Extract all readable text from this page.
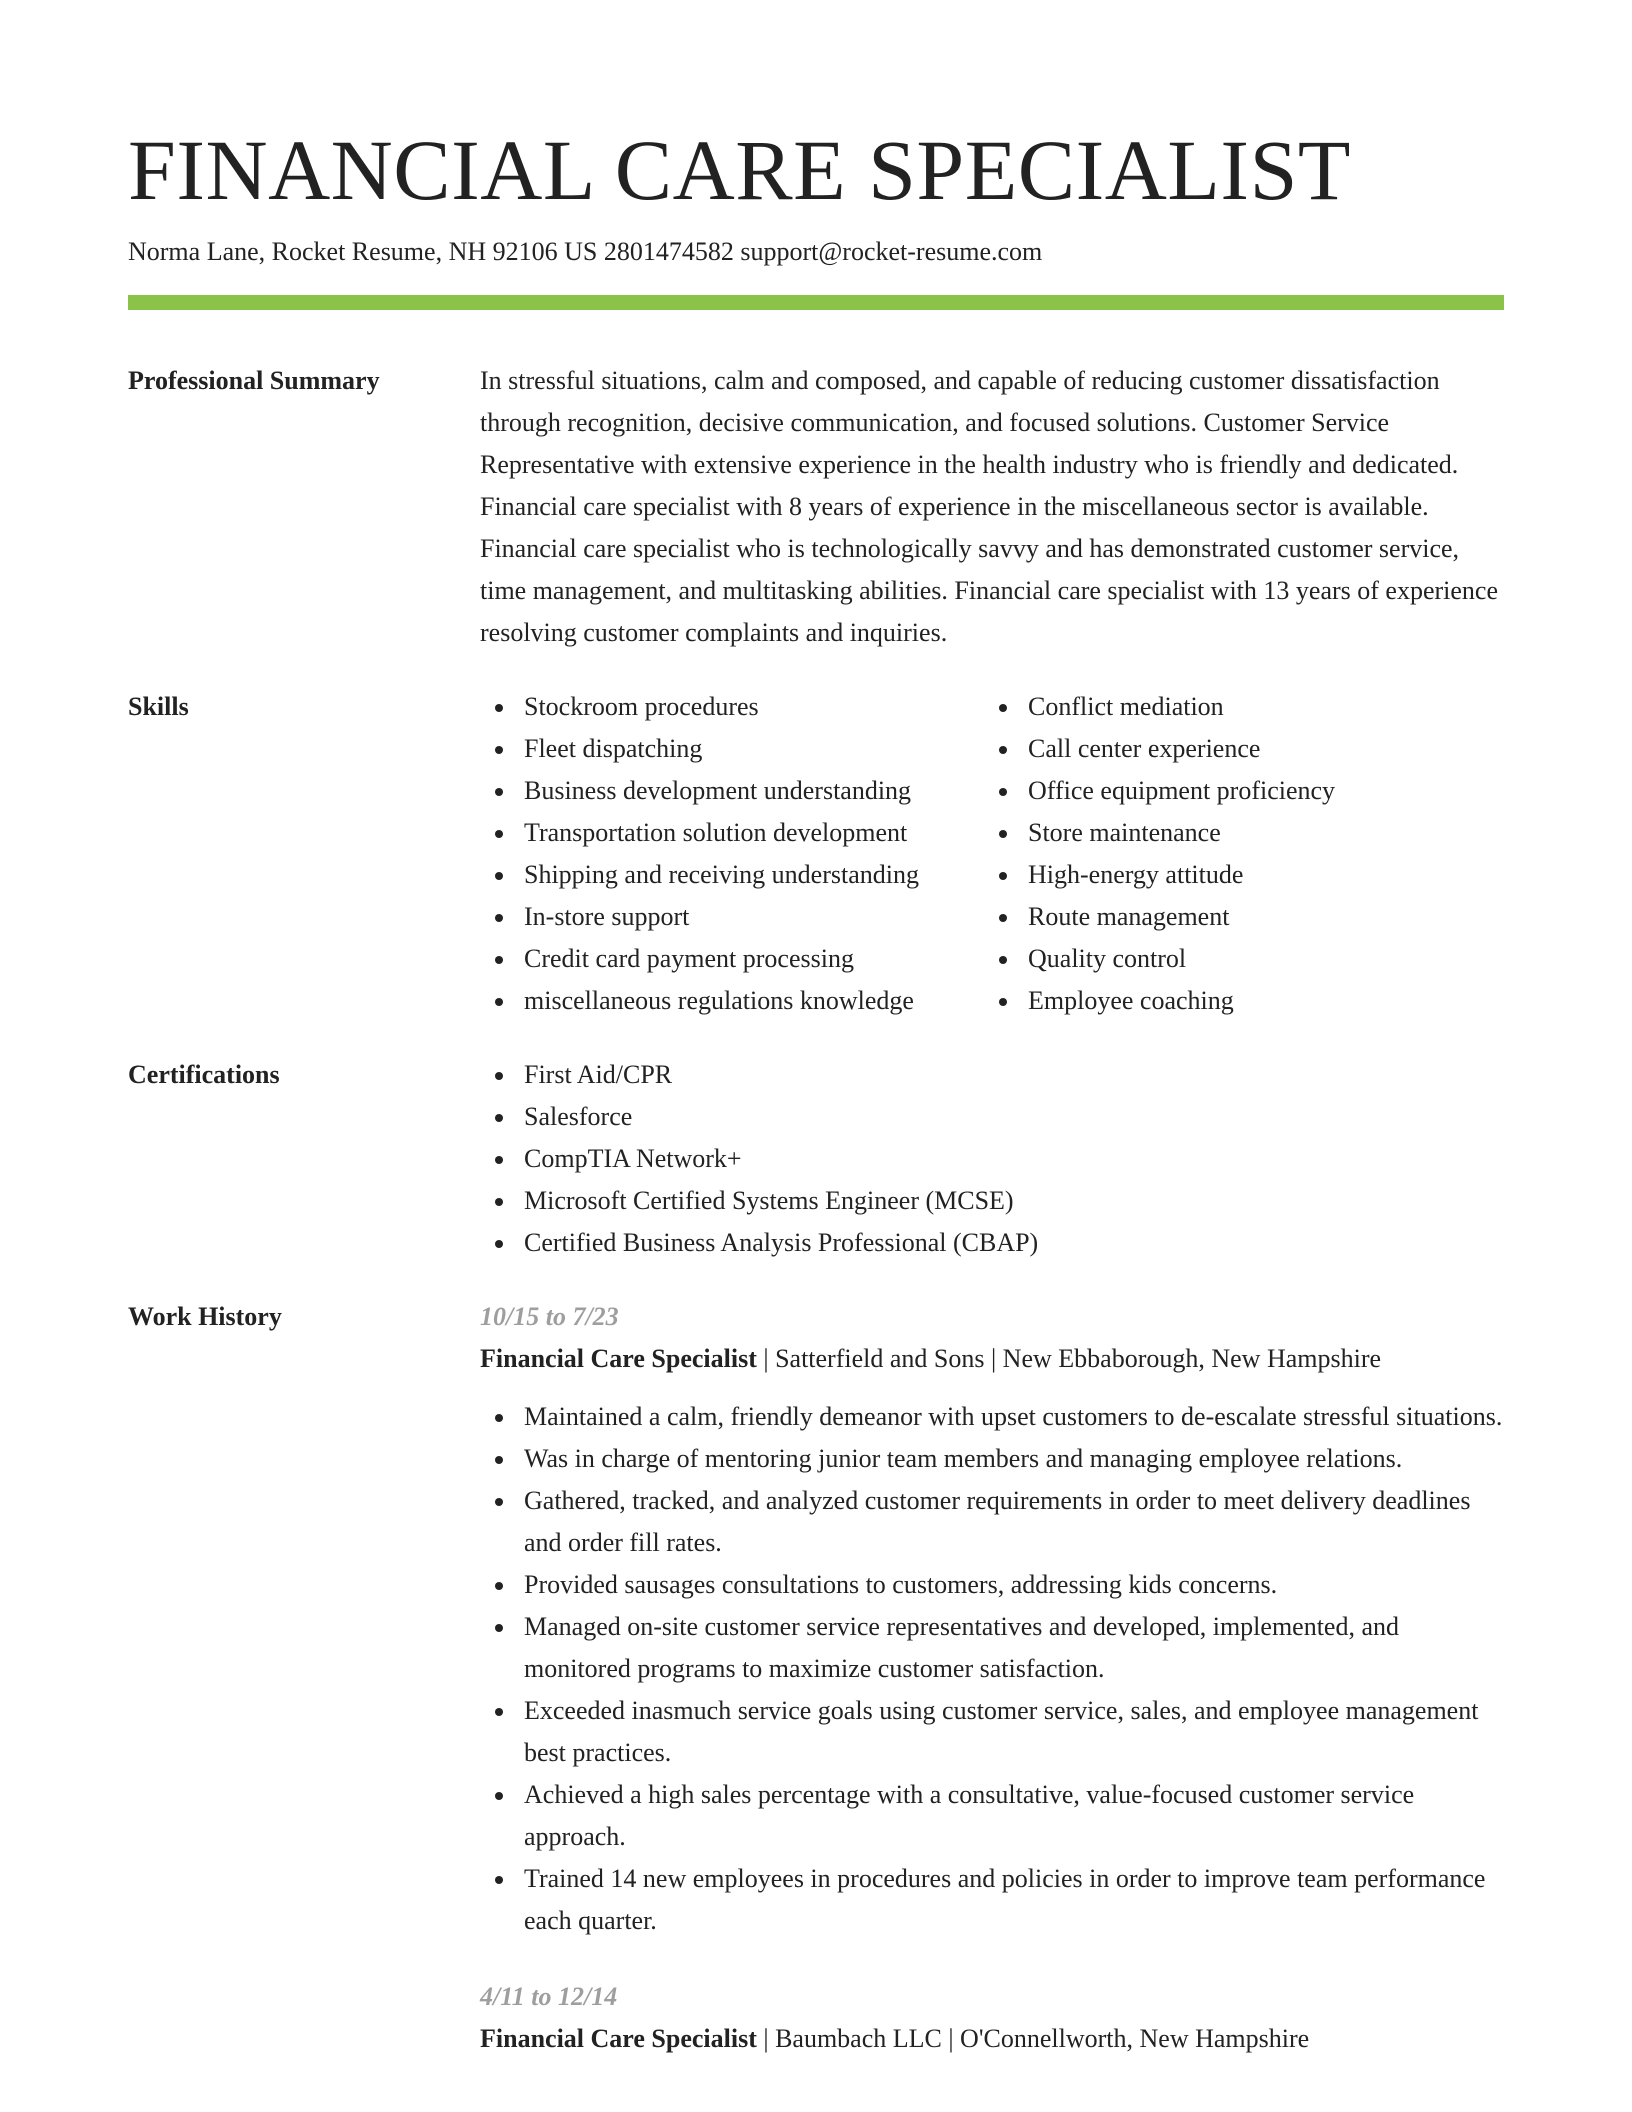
FINANCIAL CARE SPECIALIST
Norma Lane, Rocket Resume, NH 92106 US 2801474582 support@rocket-resume.com
Professional Summary	In stressful situations, calm and composed, and capable of reducing customer dissatisfaction through recognition, decisive communication, and focused solutions. Customer Service Representative with extensive experience in the health industry who is friendly and dedicated. Financial care specialist with 8 years of experience in the miscellaneous sector is available. Financial care specialist who is technologically savvy and has demonstrated customer service, time management, and multitasking abilities. Financial care specialist with 13 years of experience resolving customer complaints and inquiries.

Skills	Stockroom procedures
Fleet dispatching
Business development understanding
Transportation solution development
Shipping and receiving understanding
In-store support
Credit card payment processing
miscellaneous regulations knowledge
Conflict mediation
Call center experience
Office equipment proficiency
Store maintenance
High-energy attitude
Route management
Quality control
Employee coaching
Certifications	First Aid/CPR
Salesforce
CompTIA Network+
Microsoft Certified Systems Engineer (MCSE)
Certified Business Analysis Professional (CBAP)
Work History	10/15 to 7/23
Financial Care Specialist | Satterfield and Sons | New Ebbaborough, New Hampshire
Maintained a calm, friendly demeanor with upset customers to de-escalate stressful situations.
Was in charge of mentoring junior team members and managing employee relations.
Gathered, tracked, and analyzed customer requirements in order to meet delivery deadlines and order fill rates.
Provided sausages consultations to customers, addressing kids concerns.
Managed on-site customer service representatives and developed, implemented, and monitored programs to maximize customer satisfaction.
Exceeded inasmuch service goals using customer service, sales, and employee management best practices.
Achieved a high sales percentage with a consultative, value-focused customer service approach.
Trained 14 new employees in procedures and policies in order to improve team performance each quarter.
4/11 to 12/14
Financial Care Specialist | Baumbach LLC | O'Connellworth, New Hampshire
